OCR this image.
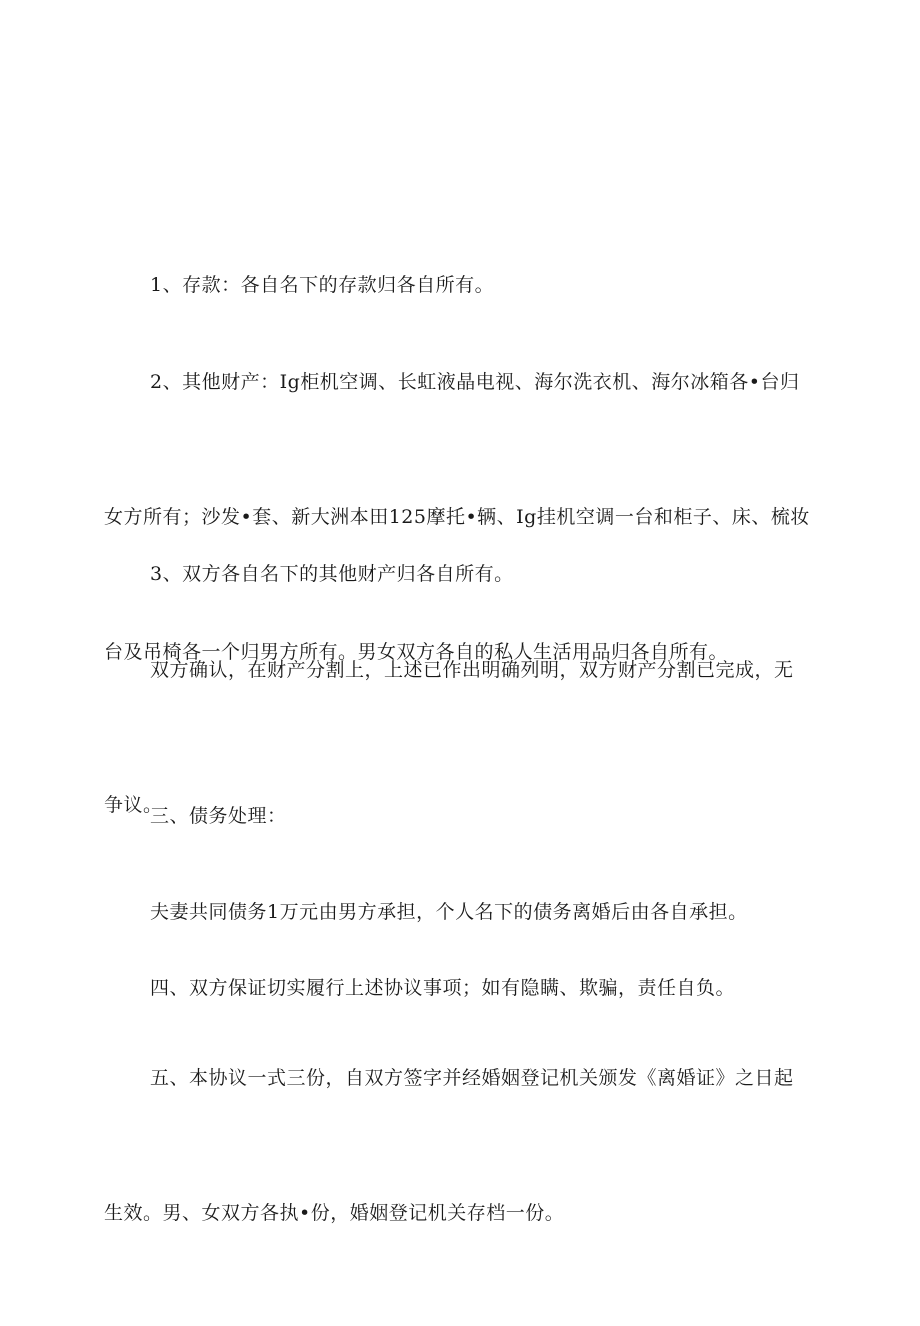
1、存款：各自名下的存款归各自所有。

2、其他财产：Ig柜机空调、长虹液晶电视、海尔洗衣机、海尔冰箱各•台归

女方所有；沙发•套、新大洲本田125摩托•辆、Ig挂机空调一台和柜子、床、梳妆

台及吊椅各一个归男方所有。男女双方各自的私人生活用品归各自所有。

3、双方各自名下的其他财产归各自所有。

双方确认，在财产分割上，上述已作出明确列明，双方财产分割已完成，无

争议。

三、债务处理：

夫妻共同债务1万元由男方承担，个人名下的债务离婚后由各自承担。

四、双方保证切实履行上述协议事项；如有隐瞒、欺骗，责任自负。

五、本协议一式三份，自双方签字并经婚姻登记机关颁发《离婚证》之日起

生效。男、女双方各执•份，婚姻登记机关存档一份。
